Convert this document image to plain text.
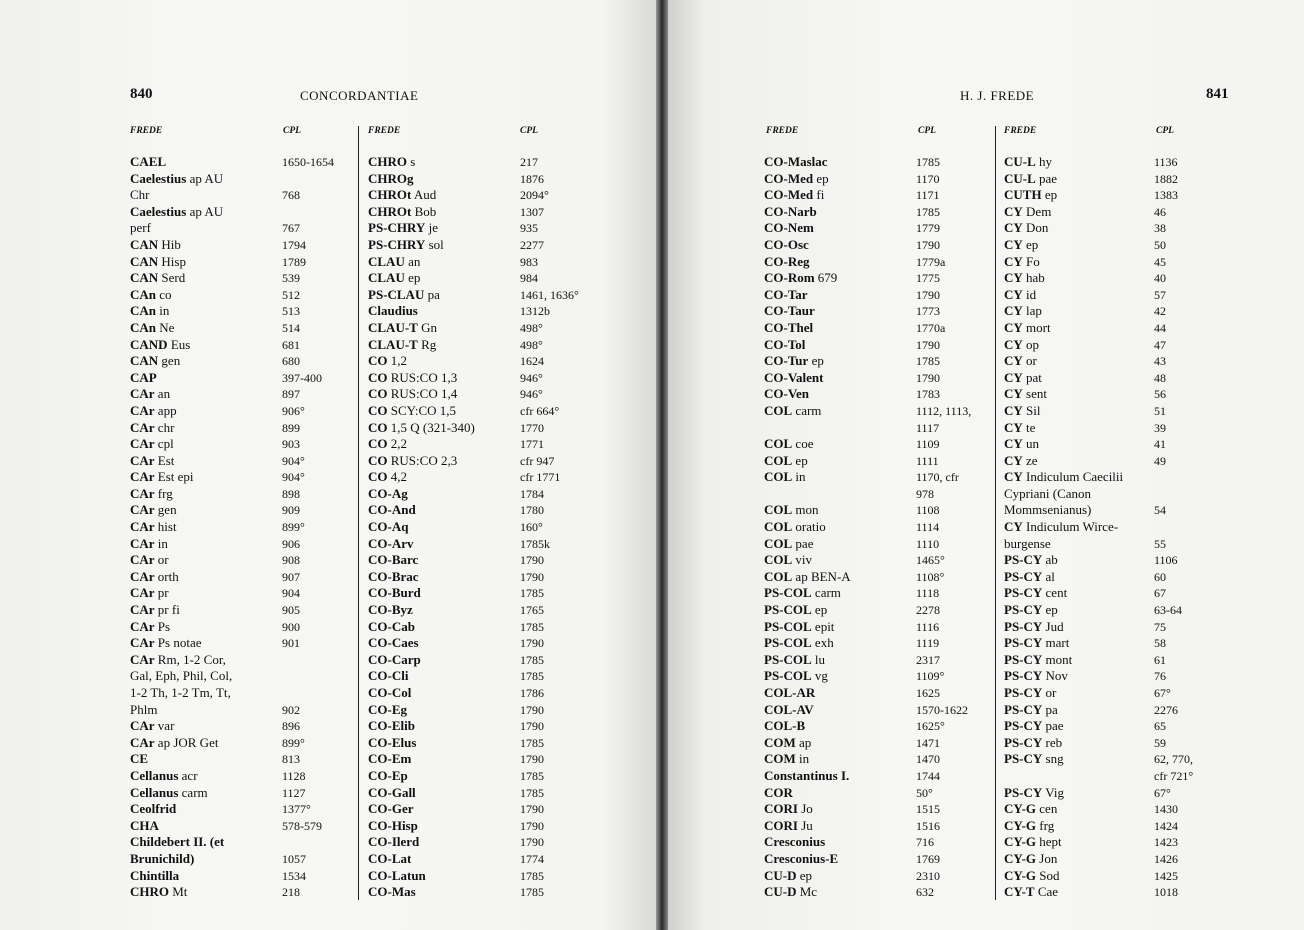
840	CONCORDANTIAE
FREDE	CPL	FREDE	CPL
CAEL	1650-1654
Caelestius ap AU
Chr	768
Caelestius ap AU
perf	767
CAN Hib	1794
CAN Hisp	1789
CAN Serd	539
CAn co	512
CAn in	513
CAn Ne	514
CAND Eus	681
CAN gen	680
CAP	397-400
CAr an	897
CAr app	906°
CAr chr	899
CAr cpl	903
CAr Est	904°
CAr Est epi	904°
CAr frg	898
CAr gen	909
CAr hist	899°
CAr in	906
CAr or	908
CAr orth	907
CAr pr	904
CAr pr fi	905
CAr Ps	900
CAr Ps notae	901
CAr Rm, 1-2 Cor,
Gal, Eph, Phil, Col,
1-2 Th, 1-2 Tm, Tt,
Phlm	902
CAr var	896
CAr ap JOR Get	899°
CE	813
Cellanus acr	1128
Cellanus carm	1127
Ceolfrid	1377°
CHA	578-579
Childebert II. (et
Brunichild)	1057
Chintilla	1534
CHRO Mt	218
CHRO s	217
CHROg	1876
CHROt Aud	2094°
CHROt Bob	1307
PS-CHRY je	935
PS-CHRY sol	2277
CLAU an	983
CLAU ep	984
PS-CLAU pa	1461, 1636°
Claudius	1312b
CLAU-T Gn	498°
CLAU-T Rg	498°
CO 1,2	1624
CO RUS:CO 1,3	946°
CO RUS:CO 1,4	946°
CO SCY:CO 1,5	cfr 664°
CO 1,5 Q (321-340)	1770
CO 2,2	1771
CO RUS:CO 2,3	cfr 947
CO 4,2	cfr 1771
CO-Ag	1784
CO-And	1780
CO-Aq	160°
CO-Arv	1785k
CO-Barc	1790
CO-Brac	1790
CO-Burd	1785
CO-Byz	1765
CO-Cab	1785
CO-Caes	1790
CO-Carp	1785
CO-Cli	1785
CO-Col	1786
CO-Eg	1790
CO-Elib	1790
CO-Elus	1785
CO-Em	1790
CO-Ep	1785
CO-Gall	1785
CO-Ger	1790
CO-Hisp	1790
CO-Ilerd	1790
CO-Lat	1774
CO-Latun	1785
CO-Mas	1785
H. J. FREDE	841
FREDE	CPL	FREDE	CPL
CO-Maslac	1785
CO-Med ep	1170
CO-Med fi	1171
CO-Narb	1785
CO-Nem	1779
CO-Osc	1790
CO-Reg	1779a
CO-Rom 679	1775
CO-Tar	1790
CO-Taur	1773
CO-Thel	1770a
CO-Tol	1790
CO-Tur ep	1785
CO-Valent	1790
CO-Ven	1783
COL carm	1112, 1113,
1117
COL coe	1109
COL ep	1111
COL in	1170, cfr
978
COL mon	1108
COL oratio	1114
COL pae	1110
COL viv	1465°
COL ap BEN-A	1108°
PS-COL carm	1118
PS-COL ep	2278
PS-COL epit	1116
PS-COL exh	1119
PS-COL lu	2317
PS-COL vg	1109°
COL-AR	1625
COL-AV	1570-1622
COL-B	1625°
COM ap	1471
COM in	1470
Constantinus I.	1744
COR	50°
CORI Jo	1515
CORI Ju	1516
Cresconius	716
Cresconius-E	1769
CU-D ep	2310
CU-D Mc	632
CU-L hy	1136
CU-L pae	1882
CUTH ep	1383
CY Dem	46
CY Don	38
CY ep	50
CY Fo	45
CY hab	40
CY id	57
CY lap	42
CY mort	44
CY op	47
CY or	43
CY pat	48
CY sent	56
CY Sil	51
CY te	39
CY un	41
CY ze	49
CY Indiculum Caecilii
Cypriani (Canon
Mommsenianus)	54
CY Indiculum Wirce-
burgense	55
PS-CY ab	1106
PS-CY al	60
PS-CY cent	67
PS-CY ep	63-64
PS-CY Jud	75
PS-CY mart	58
PS-CY mont	61
PS-CY Nov	76
PS-CY or	67°
PS-CY pa	2276
PS-CY pae	65
PS-CY reb	59
PS-CY sng	62, 770,
cfr 721°
PS-CY Vig	67°
CY-G cen	1430
CY-G frg	1424
CY-G hept	1423
CY-G Jon	1426
CY-G Sod	1425
CY-T Cae	1018
